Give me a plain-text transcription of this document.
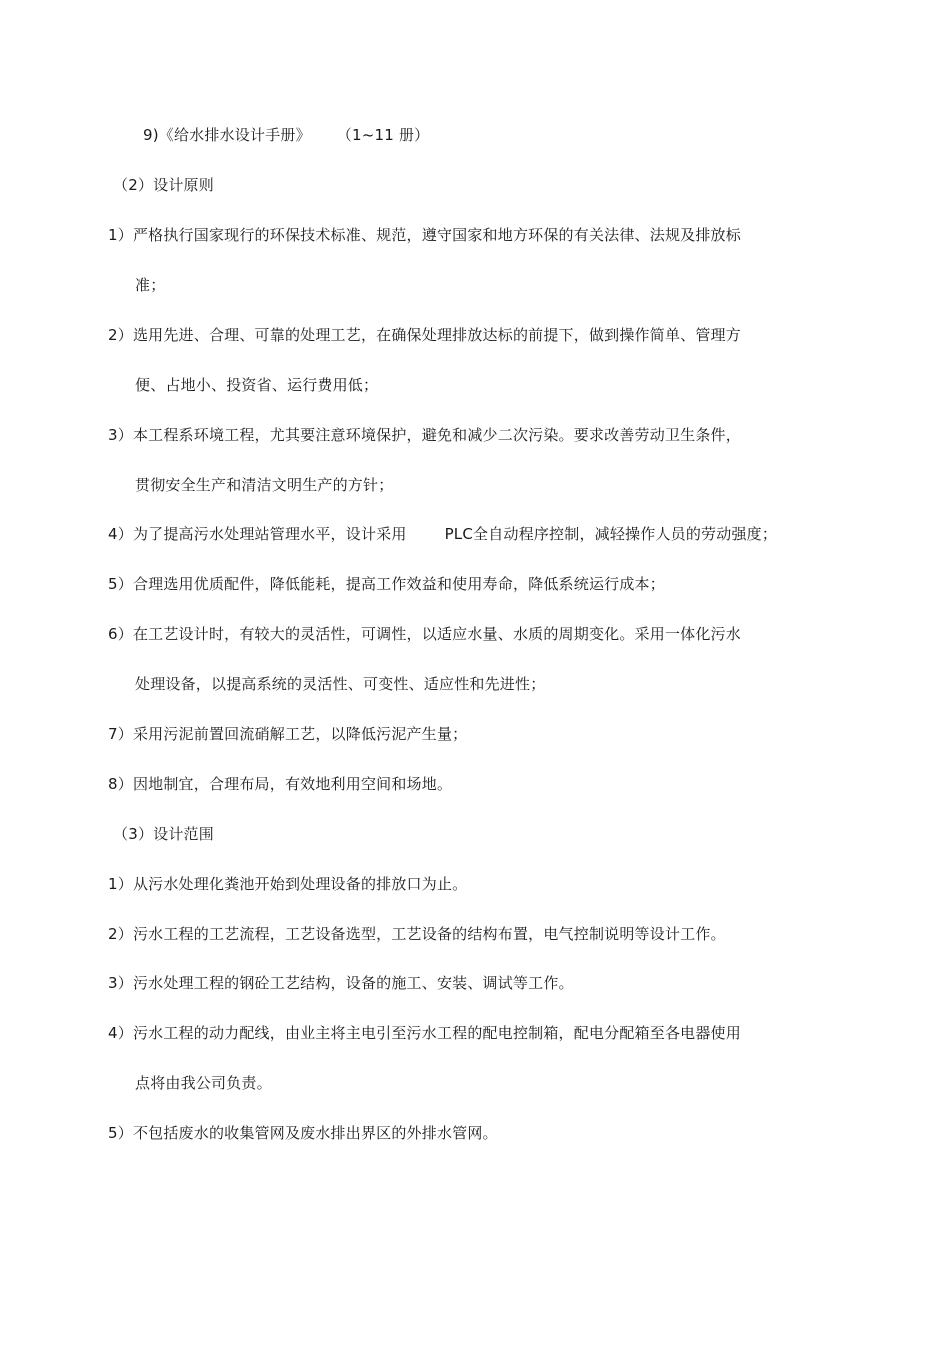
9)《给水排水设计手册》 （1~11 册）
（2）设计原则
1）严格执行国家现行的环保技术标准、规范，遵守国家和地方环保的有关法律、法规及排放标
准；
2）选用先进、合理、可靠的处理工艺，在确保处理排放达标的前提下，做到操作简单、管理方
便、占地小、投资省、运行费用低；
3）本工程系环境工程，尤其要注意环境保护，避免和减少二次污染。要求改善劳动卫生条件，
贯彻安全生产和清洁文明生产的方针；
4）为了提高污水处理站管理水平，设计采用	PLC全自动程序控制，减轻操作人员的劳动强度；
5）合理选用优质配件，降低能耗，提高工作效益和使用寿命，降低系统运行成本；
6）在工艺设计时，有较大的灵活性，可调性，以适应水量、水质的周期变化。采用一体化污水
处理设备，以提高系统的灵活性、可变性、适应性和先进性；
7）采用污泥前置回流硝解工艺，以降低污泥产生量；
8）因地制宜，合理布局，有效地利用空间和场地。
（3）设计范围
1）从污水处理化粪池开始到处理设备的排放口为止。
2）污水工程的工艺流程，工艺设备选型，工艺设备的结构布置，电气控制说明等设计工作。
3）污水处理工程的钢砼工艺结构，设备的施工、安装、调试等工作。
4）污水工程的动力配线，由业主将主电引至污水工程的配电控制箱，配电分配箱至各电器使用
点将由我公司负责。
5）不包括废水的收集管网及废水排出界区的外排水管网。
